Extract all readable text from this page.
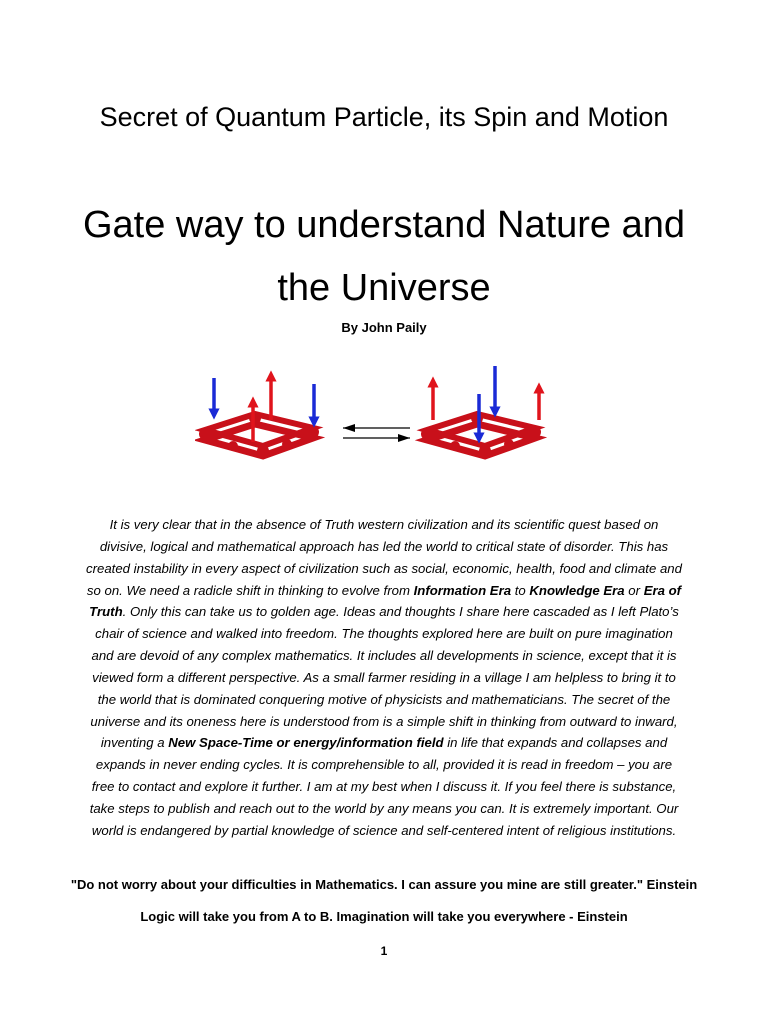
Secret of Quantum Particle, its Spin and Motion
Gate way to understand Nature and the Universe
By John Paily
It is very clear that in the absence of Truth western civilization and its scientific quest based on divisive, logical and mathematical approach has led the world to critical state of disorder. This has created instability in every aspect of civilization such as social, economic, health, food and climate and so on. We need a radicle shift in thinking to evolve from Information Era to Knowledge Era or Era of Truth. Only this can take us to golden age. Ideas and thoughts I share here cascaded as I left Plato’s chair of science and walked into freedom. The thoughts explored here are built on pure imagination and are devoid of any complex mathematics. It includes all developments in science, except that it is viewed form a different perspective. As a small farmer residing in a village I am helpless to bring it to the world that is dominated conquering motive of physicists and mathematicians. The secret of the universe and its oneness here is understood from is a simple shift in thinking from outward to inward, inventing a New Space-Time or energy/information field in life that expands and collapses and expands in never ending cycles. It is comprehensible to all, provided it is read in freedom – you are free to contact and explore it further. I am at my best when I discuss it. If you feel there is substance, take steps to publish and reach out to the world by any means you can. It is extremely important. Our world is endangered by partial knowledge of science and self-centered intent of religious institutions.
"Do not worry about your difficulties in Mathematics. I can assure you mine are still greater." Einstein
Logic will take you from A to B. Imagination will take you everywhere - Einstein
1
